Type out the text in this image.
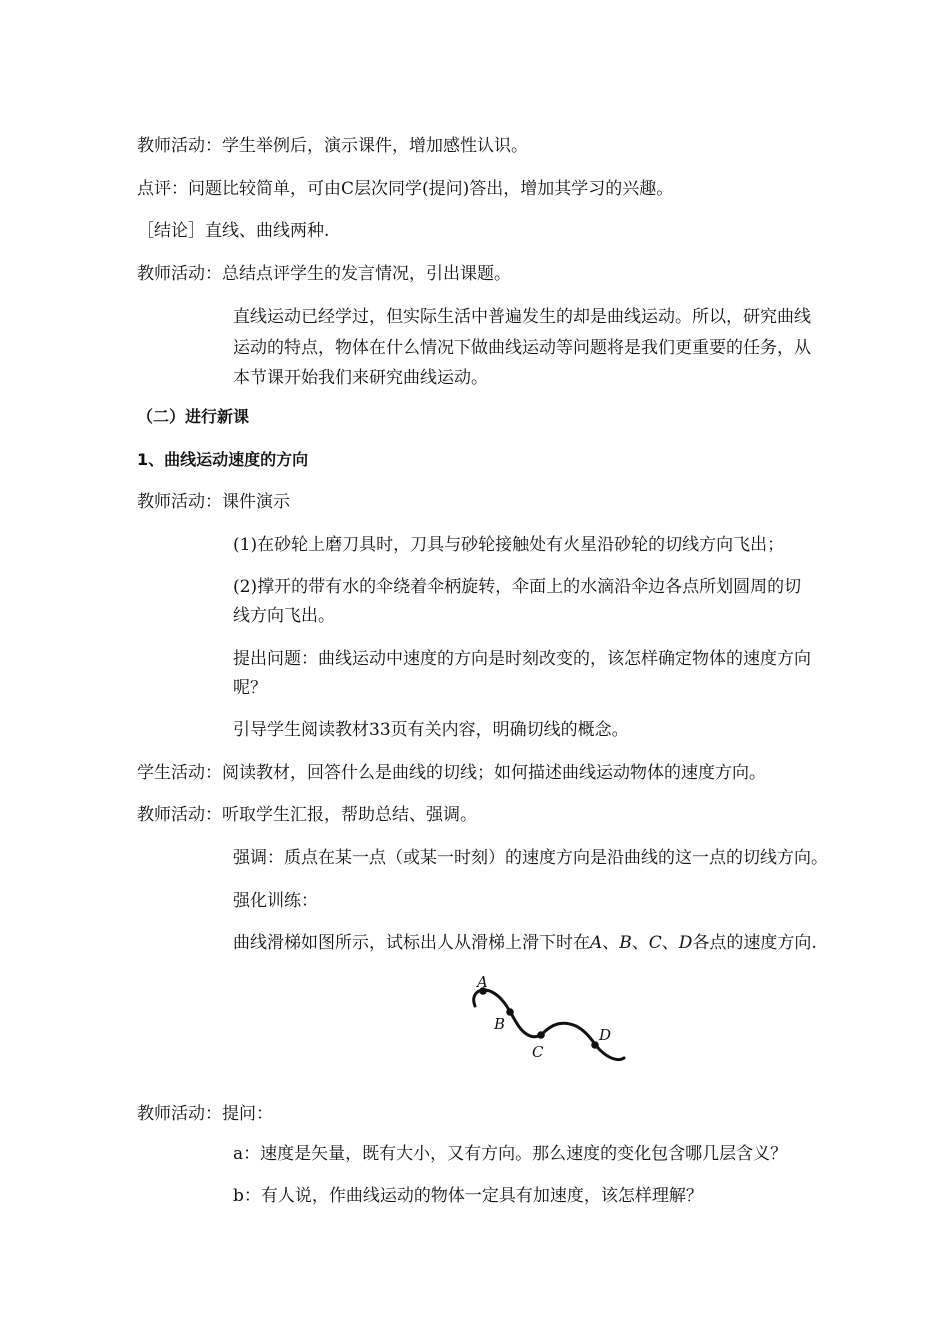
教师活动：学生举例后，演示课件，增加感性认识。
点评：问题比较简单，可由C层次同学(提问)答出，增加其学习的兴趣。
［结论］直线、曲线两种.
教师活动：总结点评学生的发言情况，引出课题。
直线运动已经学过，但实际生活中普遍发生的却是曲线运动。所以，研究曲线
运动的特点，物体在什么情况下做曲线运动等问题将是我们更重要的任务，从
本节课开始我们来研究曲线运动。
（二）进行新课
1、曲线运动速度的方向
教师活动：课件演示
(1)在砂轮上磨刀具时，刀具与砂轮接触处有火星沿砂轮的切线方向飞出；
(2)撑开的带有水的伞绕着伞柄旋转，伞面上的水滴沿伞边各点所划圆周的切
线方向飞出。
提出问题：曲线运动中速度的方向是时刻改变的，该怎样确定物体的速度方向
呢？
引导学生阅读教材33页有关内容，明确切线的概念。
学生活动：阅读教材，回答什么是曲线的切线；如何描述曲线运动物体的速度方向。
教师活动：听取学生汇报，帮助总结、强调。
强调：质点在某一点（或某一时刻）的速度方向是沿曲线的这一点的切线方向。
强化训练：
曲线滑梯如图所示，试标出人从滑梯上滑下时在A、B、C、D各点的速度方向.
A
B
C
D
教师活动：提问：
a：速度是矢量，既有大小，又有方向。那么速度的变化包含哪几层含义？
b：有人说，作曲线运动的物体一定具有加速度，该怎样理解？
